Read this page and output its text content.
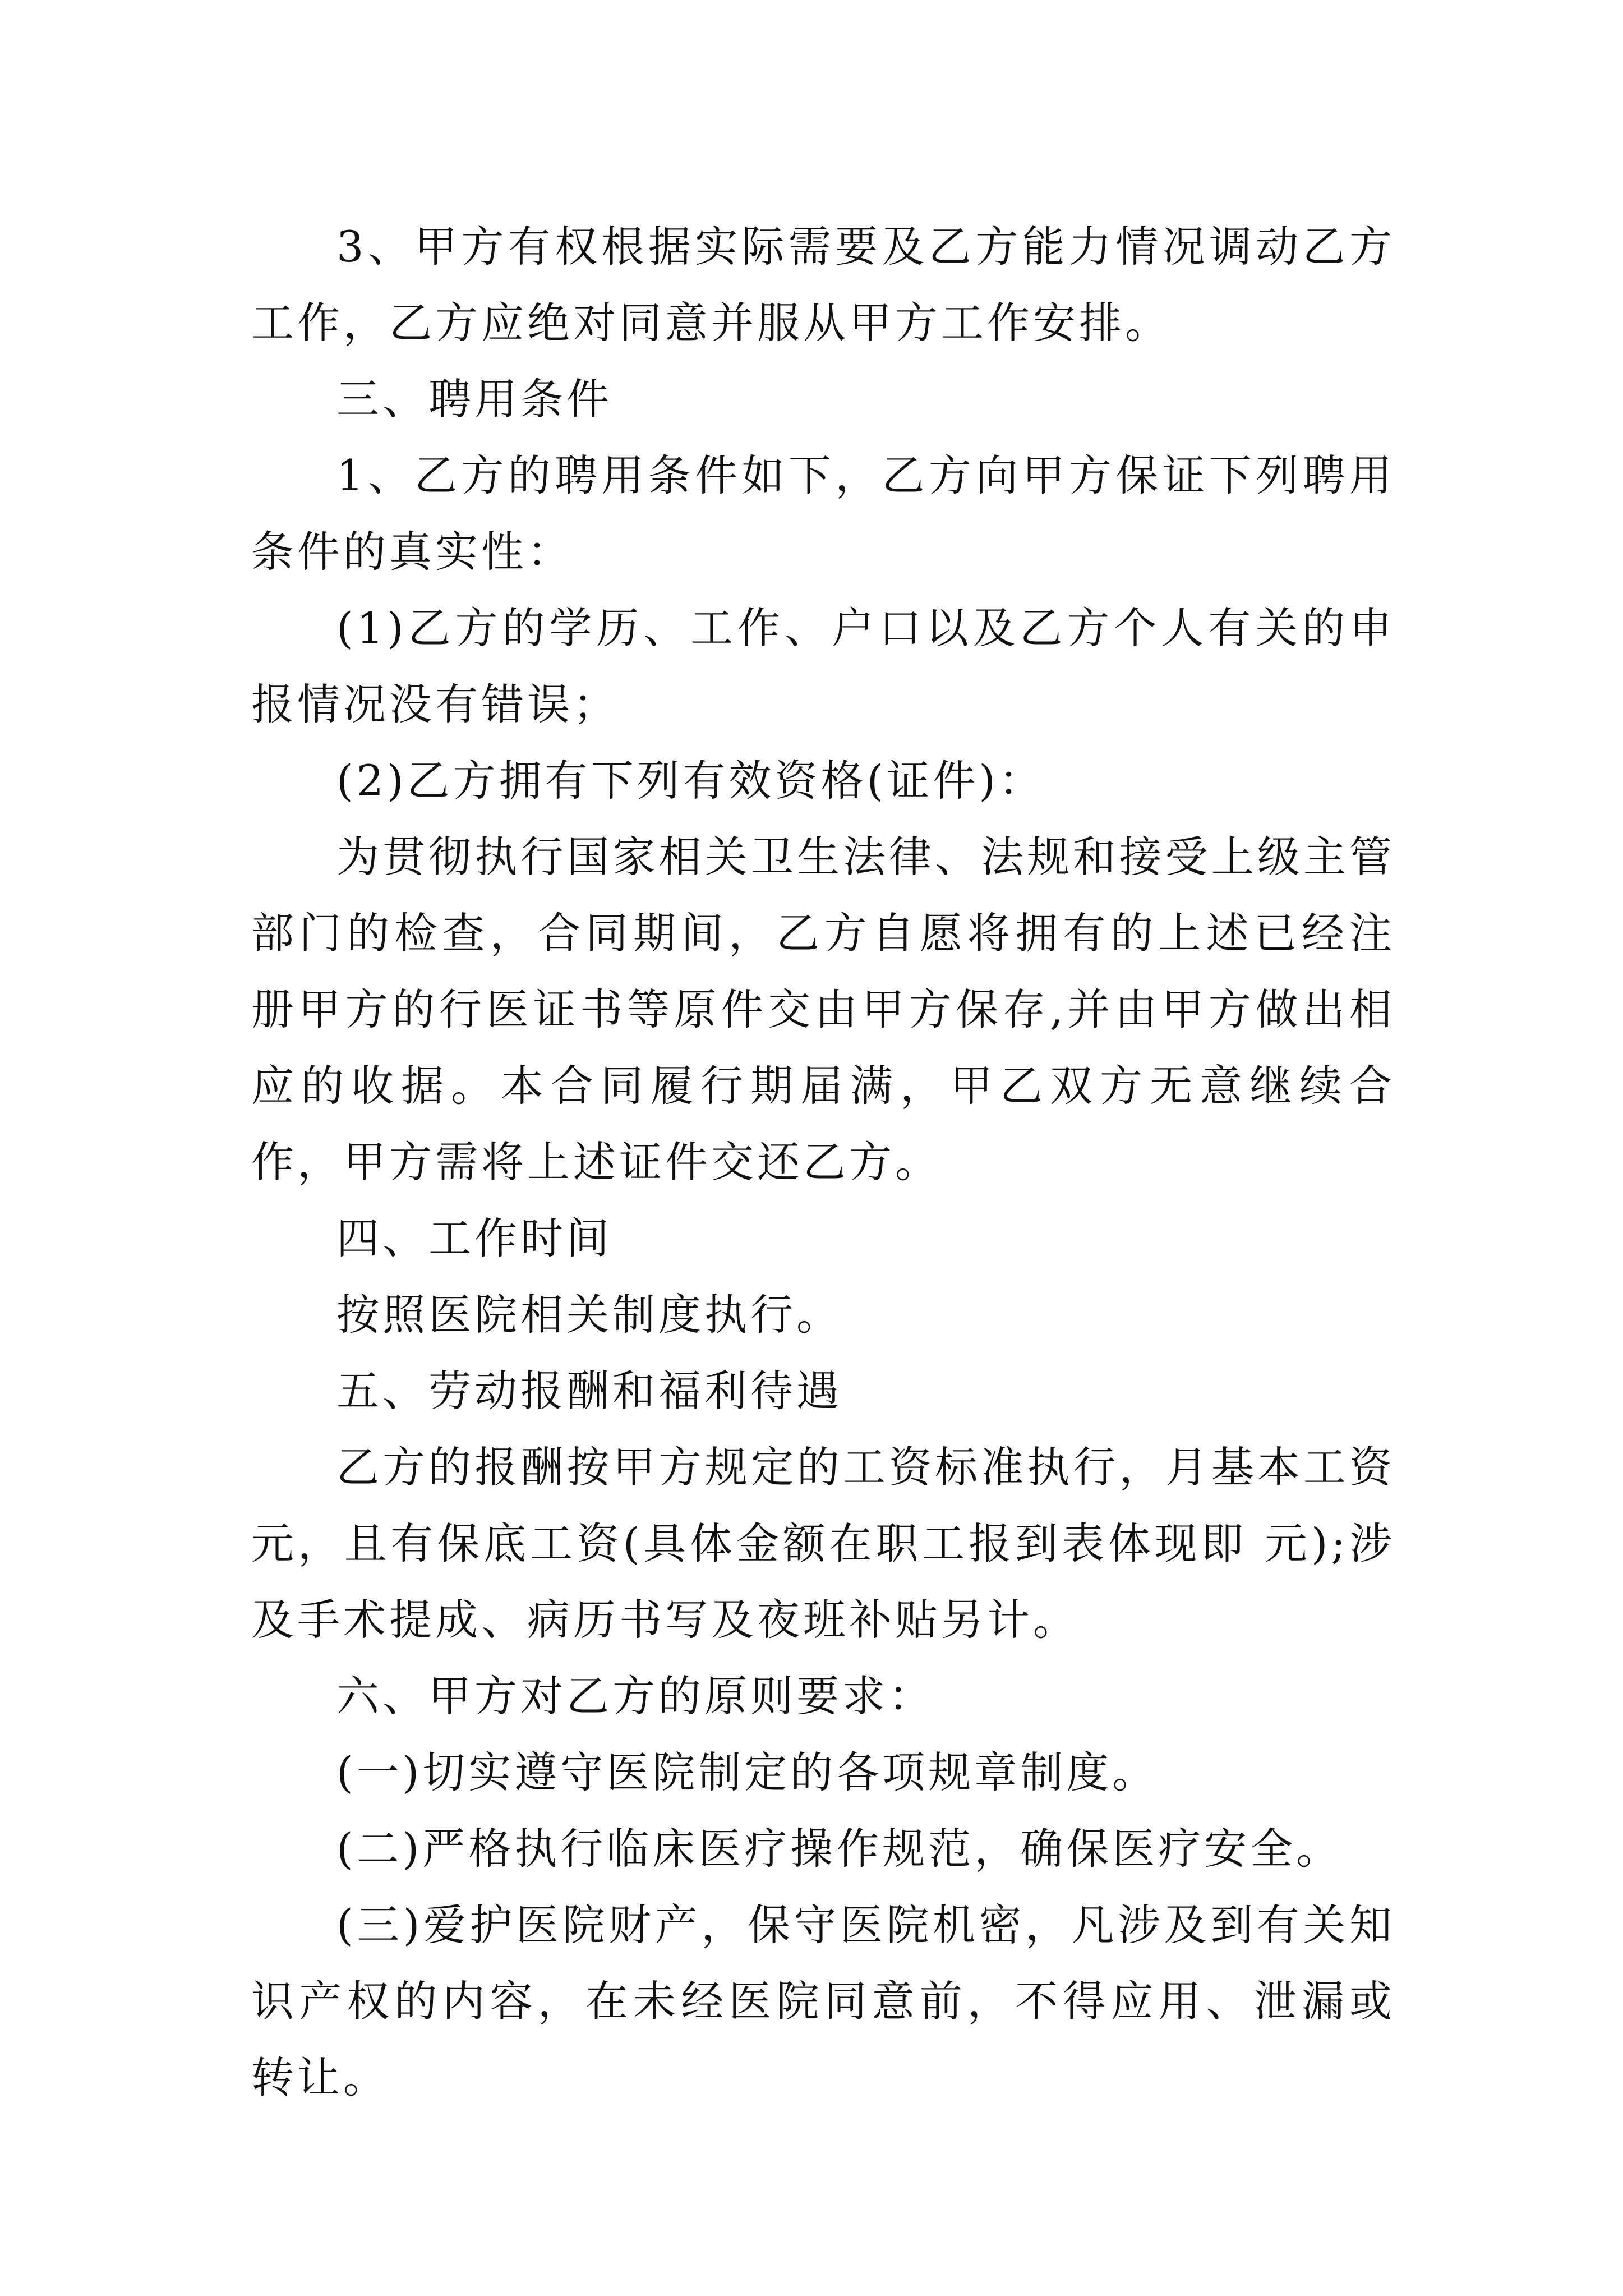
3、甲方有权根据实际需要及乙方能力情况调动乙方工作，乙方应绝对同意并服从甲方工作安排。

三、聘用条件

1、乙方的聘用条件如下，乙方向甲方保证下列聘用条件的真实性：

(1)乙方的学历、工作、户口以及乙方个人有关的申报情况没有错误；

(2)乙方拥有下列有效资格(证件)：

为贯彻执行国家相关卫生法律、法规和接受上级主管部门的检查，合同期间，乙方自愿将拥有的上述已经注册甲方的行医证书等原件交由甲方保存,并由甲方做出相应的收据。本合同履行期届满，甲乙双方无意继续合作，甲方需将上述证件交还乙方。

四、工作时间

按照医院相关制度执行。

五、劳动报酬和福利待遇

乙方的报酬按甲方规定的工资标准执行，月基本工资元，且有保底工资(具体金额在职工报到表体现即 元);涉及手术提成、病历书写及夜班补贴另计。

六、甲方对乙方的原则要求：

(一)切实遵守医院制定的各项规章制度。

(二)严格执行临床医疗操作规范，确保医疗安全。

(三)爱护医院财产，保守医院机密，凡涉及到有关知识产权的内容，在未经医院同意前，不得应用、泄漏或转让。
